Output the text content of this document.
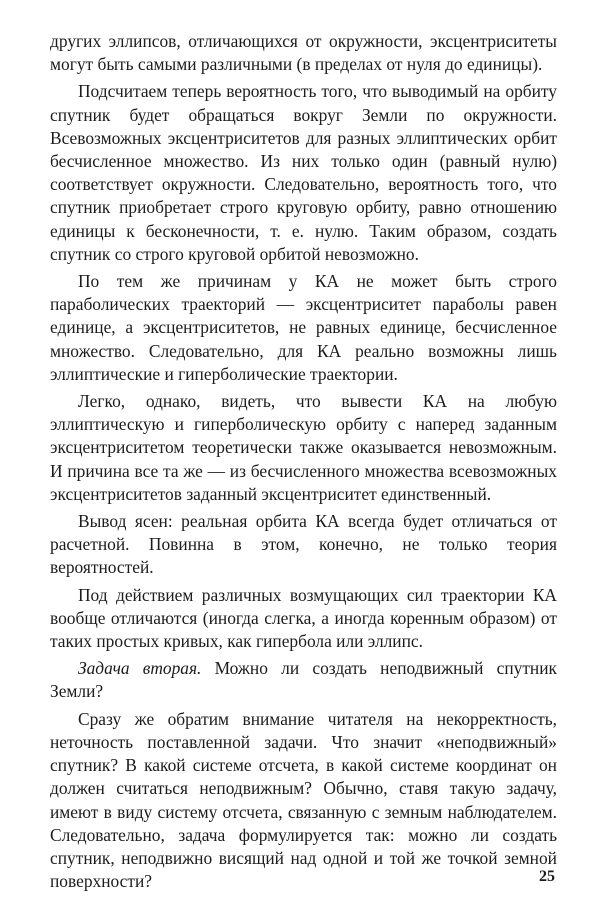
других эллипсов, отличающихся от окружности, эксцентриситеты могут быть самыми различными (в пределах от нуля до единицы).

Подсчитаем теперь вероятность того, что выводимый на орбиту спутник будет обращаться вокруг Земли по окружности. Всевозможных эксцентриситетов для разных эллиптических орбит бесчисленное множество. Из них только один (равный нулю) соответствует окружности. Следовательно, вероятность того, что спутник приобретает строго круговую орбиту, равно отношению единицы к бесконечности, т. е. нулю. Таким образом, создать спутник со строго круговой орбитой невозможно.

По тем же причинам у КА не может быть строго параболических траекторий — эксцентриситет параболы равен единице, а эксцентриситетов, не равных единице, бесчисленное множество. Следовательно, для КА реально возможны лишь эллиптические и гиперболические траектории.

Легко, однако, видеть, что вывести КА на любую эллиптическую и гиперболическую орбиту с наперед заданным эксцентриситетом теоретически также оказывается невозможным. И причина все та же — из бесчисленного множества всевозможных эксцентриситетов заданный эксцентриситет единственный.

Вывод ясен: реальная орбита КА всегда будет отличаться от расчетной. Повинна в этом, конечно, не только теория вероятностей.

Под действием различных возмущающих сил траектории КА вообще отличаются (иногда слегка, а иногда коренным образом) от таких простых кривых, как гипербола или эллипс.

Задача вторая. Можно ли создать неподвижный спутник Земли?

Сразу же обратим внимание читателя на некорректность, неточность поставленной задачи. Что значит «неподвижный» спутник? В какой системе отсчета, в какой системе координат он должен считаться неподвижным? Обычно, ставя такую задачу, имеют в виду систему отсчета, связанную с земным наблюдателем. Следовательно, задача формулируется так: можно ли создать спутник, неподвижно висящий над одной и той же точкой земной поверхности?	25
